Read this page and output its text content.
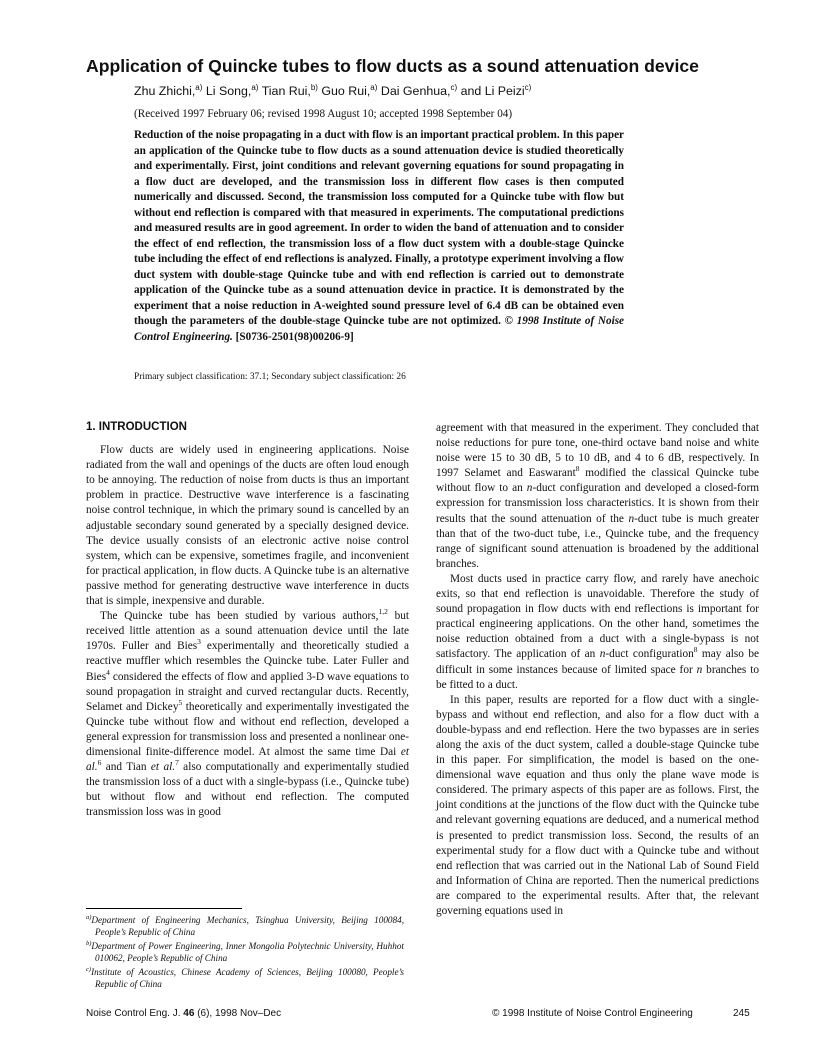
Application of Quincke tubes to flow ducts as a sound attenuation device
Zhu Zhichi,$^{a)}$ Li Song,$^{a)}$ Tian Rui,$^{b)}$ Guo Rui,$^{a)}$ Dai Genhua,$^{c)}$ and Li Peizi$^{c)}$
(Received 1997 February 06; revised 1998 August 10; accepted 1998 September 04)
Reduction of the noise propagating in a duct with flow is an important practical problem. In this paper an application of the Quincke tube to flow ducts as a sound attenuation device is studied theoretically and experimentally. First, joint conditions and relevant governing equations for sound propagating in a flow duct are developed, and the transmission loss in different flow cases is then computed numerically and discussed. Second, the transmission loss computed for a Quincke tube with flow but without end reflection is compared with that measured in experiments. The computational predictions and measured results are in good agreement. In order to widen the band of attenuation and to consider the effect of end reflection, the transmission loss of a flow duct system with a double-stage Quincke tube including the effect of end reflections is analyzed. Finally, a prototype experiment involving a flow duct system with double-stage Quincke tube and with end reflection is carried out to demonstrate application of the Quincke tube as a sound attenuation device in practice. It is demonstrated by the experiment that a noise reduction in A-weighted sound pressure level of 6.4 dB can be obtained even though the parameters of the double-stage Quincke tube are not optimized. © 1998 Institute of Noise Control Engineering. [S0736-2501(98)00206-9]
Primary subject classification: 37.1; Secondary subject classification: 26
1. INTRODUCTION

Flow ducts are widely used in engineering applications. Noise radiated from the wall and openings of the ducts are often loud enough to be annoying. The reduction of noise from ducts is thus an important problem in practice. Destructive wave interference is a fascinating noise control technique, in which the primary sound is cancelled by an adjustable secondary sound generated by a specially designed device. The device usually consists of an electronic active noise control system, which can be expensive, sometimes fragile, and inconvenient for practical application, in flow ducts. A Quincke tube is an alternative passive method for generating destructive wave interference in ducts that is simple, inexpensive and durable.

The Quincke tube has been studied by various authors,$^{1,2}$ but received little attention as a sound attenuation device until the late 1970s. Fuller and Bies$^3$ experimentally and theoretically studied a reactive muffler which resembles the Quincke tube. Later Fuller and Bies$^4$ considered the effects of flow and applied 3-D wave equations to sound propagation in straight and curved rectangular ducts. Recently, Selamet and Dickey$^5$ theoretically and experimentally investigated the Quincke tube without flow and without end reflection, developed a general expression for transmission loss and presented a nonlinear one-dimensional finite-difference model. At almost the same time Dai et al.$^6$ and Tian et al.$^7$ also computationally and experimentally studied the transmission loss of a duct with a single-bypass (i.e., Quincke tube) but without flow and without end reflection. The computed transmission loss was in good

$^{a)}$Department of Engineering Mechanics, Tsinghua University, Beijing 100084, People’s Republic of China

$^{b)}$Department of Power Engineering, Inner Mongolia Polytechnic University, Huhhot 010062, People’s Republic of China

$^{c)}$Institute of Acoustics, Chinese Academy of Sciences, Beijing 100080, People’s Republic of China

agreement with that measured in the experiment. They concluded that noise reductions for pure tone, one-third octave band noise and white noise were 15 to 30 dB, 5 to 10 dB, and 4 to 6 dB, respectively. In 1997 Selamet and Easwarant$^8$ modified the classical Quincke tube without flow to an n-duct configuration and developed a closed-form expression for transmission loss characteristics. It is shown from their results that the sound attenuation of the n-duct tube is much greater than that of the two-duct tube, i.e., Quincke tube, and the frequency range of significant sound attenuation is broadened by the additional branches.

Most ducts used in practice carry flow, and rarely have anechoic exits, so that end reflection is unavoidable. Therefore the study of sound propagation in flow ducts with end reflections is important for practical engineering applications. On the other hand, sometimes the noise reduction obtained from a duct with a single-bypass is not satisfactory. The application of an n-duct configuration$^8$ may also be difficult in some instances because of limited space for n branches to be fitted to a duct.

In this paper, results are reported for a flow duct with a single-bypass and without end reflection, and also for a flow duct with a double-bypass and end reflection. Here the two bypasses are in series along the axis of the duct system, called a double-stage Quincke tube in this paper. For simplification, the model is based on the one-dimensional wave equation and thus only the plane wave mode is considered. The primary aspects of this paper are as follows. First, the joint conditions at the junctions of the flow duct with the Quincke tube and relevant governing equations are deduced, and a numerical method is presented to predict transmission loss. Second, the results of an experimental study for a flow duct with a Quincke tube and without end reflection that was carried out in the National Lab of Sound Field and Information of China are reported. Then the numerical predictions are compared to the experimental results. After that, the relevant governing equations used in

Noise Control Eng. J. 46 (6), 1998 Nov–Dec	© 1998 Institute of Noise Control Engineering	245
